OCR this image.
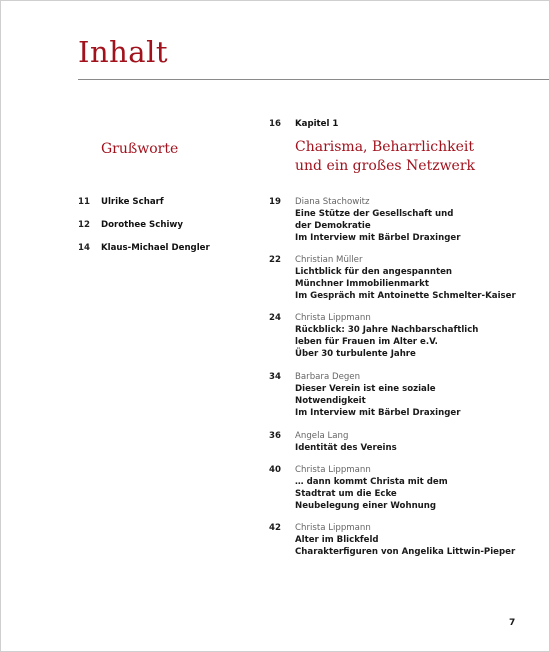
Inhalt
Grußworte
11 Ulrike Scharf
12 Dorothee Schiwy
14 Klaus-Michael Dengler
16 Kapitel 1
Charisma, Beharrlichkeit
und ein großes Netzwerk
19 Diana Stachowitz
Eine Stütze der Gesellschaft und
der Demokratie
Im Interview mit Bärbel Draxinger
22 Christian Müller
Lichtblick für den angespannten
Münchner Immobilienmarkt
Im Gespräch mit Antoinette Schmelter-Kaiser
24 Christa Lippmann
Rückblick: 30 Jahre Nachbarschaftlich
leben für Frauen im Alter e.V.
Über 30 turbulente Jahre
34 Barbara Degen
Dieser Verein ist eine soziale
Notwendigkeit
Im Interview mit Bärbel Draxinger
36 Angela Lang
Identität des Vereins
40 Christa Lippmann
… dann kommt Christa mit dem
Stadtrat um die Ecke
Neubelegung einer Wohnung
42 Christa Lippmann
Alter im Blickfeld
Charakterfiguren von Angelika Littwin-Pieper
7
